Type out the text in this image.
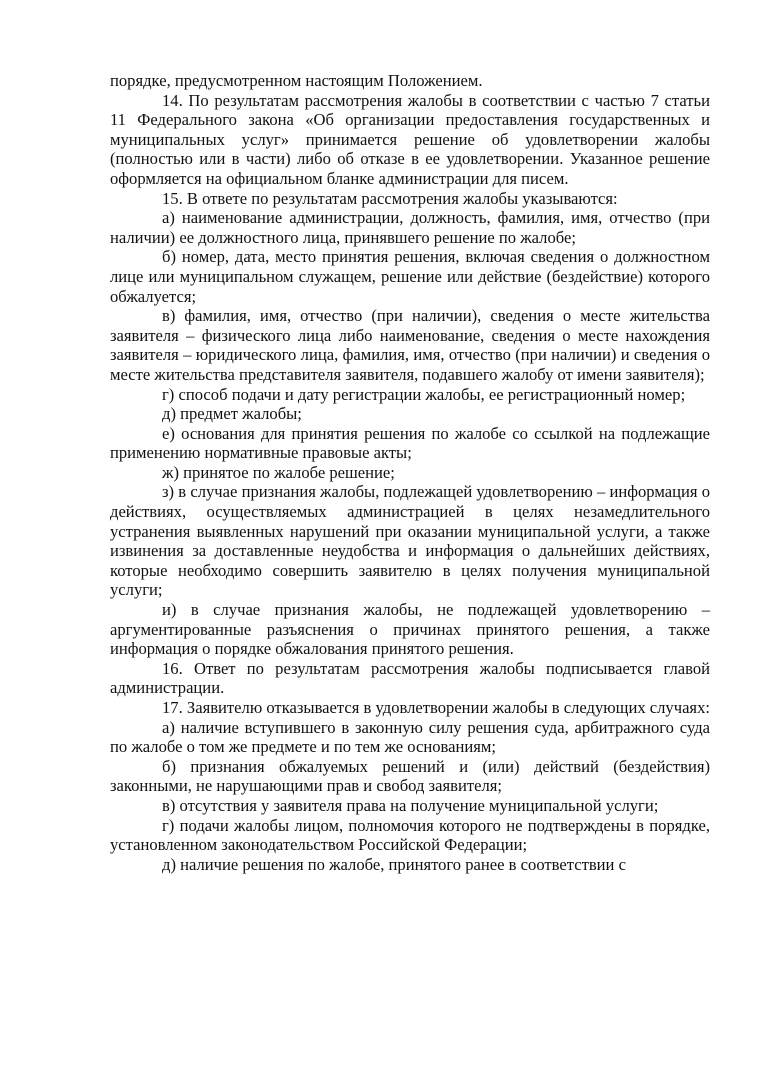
порядке, предусмотренном настоящим Положением.

14. По результатам рассмотрения жалобы в соответствии с частью 7 статьи 11 Федерального закона «Об организации предоставления государственных и муниципальных услуг» принимается решение об удовлетворении жалобы (полностью или в части) либо об отказе в ее удовлетворении. Указанное решение оформляется на официальном бланке администрации для писем.

15. В ответе по результатам рассмотрения жалобы указываются:

а) наименование администрации, должность, фамилия, имя, отчество (при наличии) ее должностного лица, принявшего решение по жалобе;

б) номер, дата, место принятия решения, включая сведения о должностном лице или муниципальном служащем, решение или действие (бездействие) которого обжалуется;

в) фамилия, имя, отчество (при наличии), сведения о месте жительства заявителя – физического лица либо наименование, сведения о месте нахождения заявителя – юридического лица, фамилия, имя, отчество (при наличии) и сведения о месте жительства представителя заявителя, подавшего жалобу от имени заявителя);

г) способ подачи и дату регистрации жалобы, ее регистрационный номер;

д) предмет жалобы;

е) основания для принятия решения по жалобе со ссылкой на подлежащие применению нормативные правовые акты;

ж) принятое по жалобе решение;

з) в случае признания жалобы, подлежащей удовлетворению – информация о действиях, осуществляемых администрацией в целях незамедлительного устранения выявленных нарушений при оказании муниципальной услуги, а также извинения за доставленные неудобства и информация о дальнейших действиях, которые необходимо совершить заявителю в целях получения муниципальной услуги;

и) в случае признания жалобы, не подлежащей удовлетворению – аргументированные разъяснения о причинах принятого решения, а также информация о порядке обжалования принятого решения.

16. Ответ по результатам рассмотрения жалобы подписывается главой администрации.

17. Заявителю отказывается в удовлетворении жалобы в следующих случаях:

а) наличие вступившего в законную силу решения суда, арбитражного суда по жалобе о том же предмете и по тем же основаниям;

б) признания обжалуемых решений и (или) действий (бездействия) законными, не нарушающими прав и свобод заявителя;

в) отсутствия у заявителя права на получение муниципальной услуги;

г) подачи жалобы лицом, полномочия которого не подтверждены в порядке, установленном законодательством Российской Федерации;

д) наличие решения по жалобе, принятого ранее в соответствии с
